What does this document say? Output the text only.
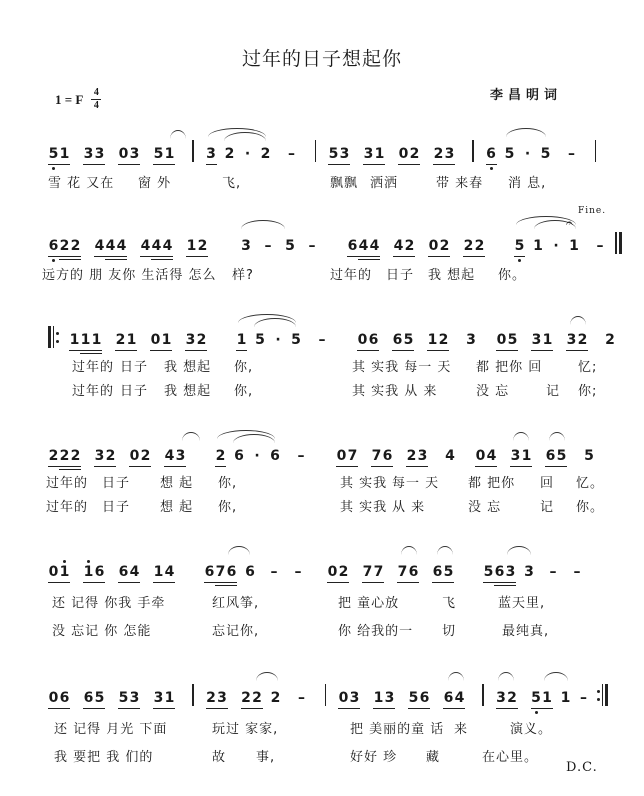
过年的日子想起你
1 = F 4
4
李昌明词
5 1 3 3 0 3 5 1 3 2 · 2	–	5 3 3 1 0 2 2 3 6 5 · 5	–
雪 花 又在 窗 外	飞,	飘飘 洒洒	带 来春 消 息,
6 2 2 4 4 4 4 4 4 1 2 3 – 5 –	6 4 4 4 2 0 2 2 2 5 1 · 1	–
𝄐
Fine.
远方的 朋 友你 生活得 怎么 样?	过年的 日子 我 想起 你。
1 1 1 2 1 0 1 3 2 1 5 · 5	–	0 6 6 5 1 2 3 0 5 3 1 3 2 2
过年的 日子 我 想起 你,	其 实我 每一 天 都 把你 回	忆;
过年的 日子 我 想起 你,	其 实我 从 来	没 忘	记 你;
2 2 2 3 2 0 2 4 3 2 6 · 6	–	0 7 7 6 2 3 4 0 4 3 1 6 5 5
过年的 日子 想 起 你,	其 实我 每一 天 都 把你 回 忆。
过年的 日子 想 起 你,	其 实我 从 来	没 忘	记 你。
0 1 1 6 6 4 1 4 6 7 6 6	–	–	0 2 7 7 7 6 6 5 5 6 3 3	–	–
还 记得 你我 手牵	红风筝,	把 童心放	飞	蓝天里,
没 忘记 你 怎能	忘记你,	你 给我的一 切	最纯真,
0 6 6 5 5 3 3 1 2 3 2 2 2	–	0 3 1 3 5 6 6 4 3 2 5 1 1 –
还 记得 月光 下面	玩过 家家,	把 美丽的童 话 来	演义。
我 要把 我 们的	故 事,	好好 珍 藏	在心里。
D.C.
